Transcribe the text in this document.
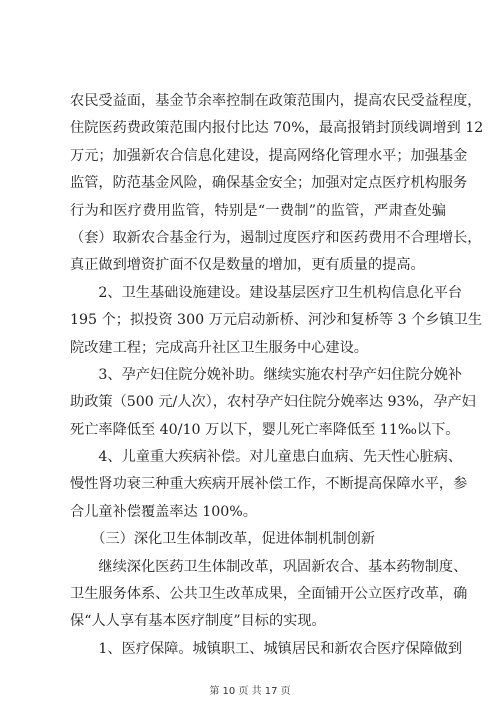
农民受益面，基金节余率控制在政策范围内，提高农民受益程度，
住院医药费政策范围内报付比达 70%，最高报销封顶线调增到 12
万元；加强新农合信息化建设，提高网络化管理水平；加强基金
监管，防范基金风险，确保基金安全；加强对定点医疗机构服务
行为和医疗费用监管，特别是“一费制”的监管，严肃查处骗
（套）取新农合基金行为，遏制过度医疗和医药费用不合理增长，
真正做到增资扩面不仅是数量的增加，更有质量的提高。
　　2、卫生基础设施建设。建设基层医疗卫生机构信息化平台
195 个；拟投资 300 万元启动新桥、河沙和复桥等 3 个乡镇卫生
院改建工程；完成高升社区卫生服务中心建设。
　　3、孕产妇住院分娩补助。继续实施农村孕产妇住院分娩补
助政策（500 元/人次），农村孕产妇住院分娩率达 93%，孕产妇
死亡率降低至 40/10 万以下，婴儿死亡率降低至 11‰以下。
　　4、儿童重大疾病补偿。对儿童患白血病、先天性心脏病、
慢性肾功衰三种重大疾病开展补偿工作，不断提高保障水平，参
合儿童补偿覆盖率达 100%。
　　（三）深化卫生体制改革，促进体制机制创新
　　继续深化医药卫生体制改革，巩固新农合、基本药物制度、
卫生服务体系、公共卫生改革成果，全面铺开公立医疗改革，确
保“人人享有基本医疗制度”目标的实现。
　　1、医疗保障。城镇职工、城镇居民和新农合医疗保障做到
第 10 页 共 17 页
